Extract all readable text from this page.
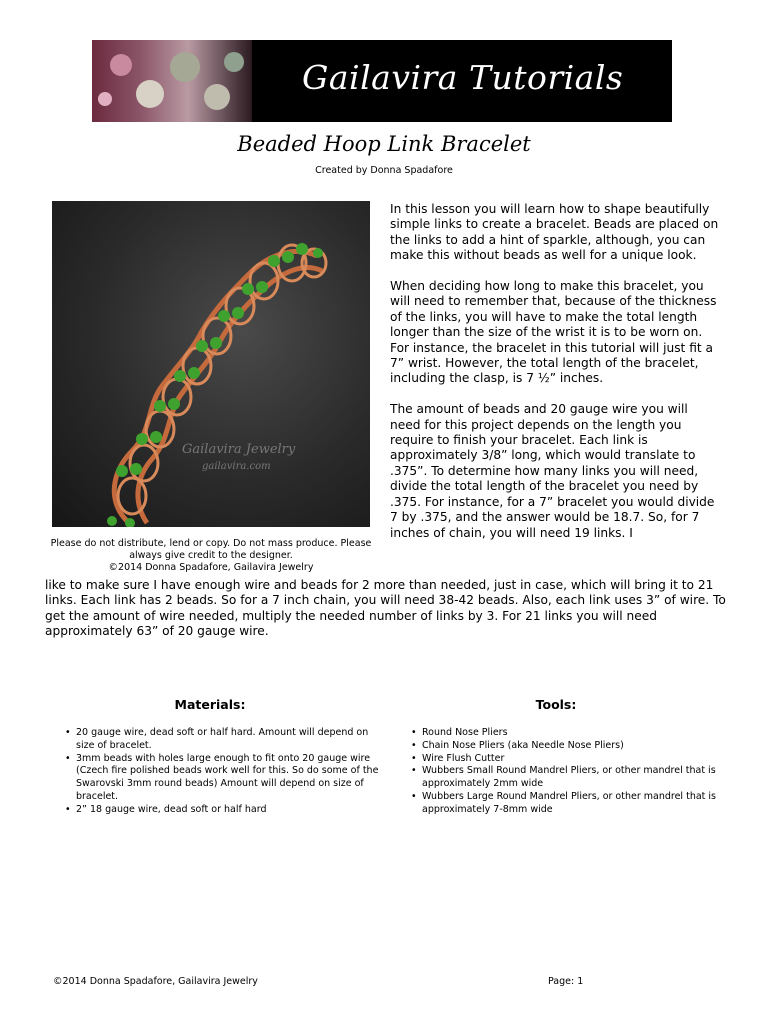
Gailavira Tutorials
Beaded Hoop Link Bracelet
Created by Donna Spadafore
Gailavira Jewelry
gailavira.com
Please do not distribute, lend or copy. Do not mass produce. Please
always give credit to the designer.
©2014 Donna Spadafore, Gailavira Jewelry

In this lesson you will learn how to shape beautifully simple links to create a bracelet. Beads are placed on the links to add a hint of sparkle, although, you can make this without beads as well for a unique look.

When deciding how long to make this bracelet, you will need to remember that, because of the thickness of the links, you will have to make the total length longer than the size of the wrist it is to be worn on. For instance, the bracelet in this tutorial will just fit a 7” wrist. However, the total length of the bracelet, including the clasp, is 7 ½” inches.

The amount of beads and 20 gauge wire you will need for this project depends on the length you require to finish your bracelet. Each link is approximately 3/8” long, which would translate to .375”. To determine how many links you will need, divide the total length of the bracelet you need by .375. For instance, for a 7” bracelet you would divide 7 by .375, and the answer would be 18.7. So, for 7 inches of chain, you will need 19 links. I

like to make sure I have enough wire and beads for 2 more than needed, just in case, which will bring it to 21 links. Each link has 2 beads. So for a 7 inch chain, you will need 38-42 beads. Also, each link uses 3” of wire. To get the amount of wire needed, multiply the needed number of links by 3. For 21 links you will need approximately 63” of 20 gauge wire.
Materials:
• 20 gauge wire, dead soft or half hard. Amount will depend on size of bracelet.
• 3mm beads with holes large enough to fit onto 20 gauge wire (Czech fire polished beads work well for this. So do some of the Swarovski 3mm round beads) Amount will depend on size of bracelet.
• 2” 18 gauge wire, dead soft or half hard
Tools:
• Round Nose Pliers
• Chain Nose Pliers (aka Needle Nose Pliers)
• Wire Flush Cutter
• Wubbers Small Round Mandrel Pliers, or other mandrel that is approximately 2mm wide
• Wubbers Large Round Mandrel Pliers, or other mandrel that is approximately 7-8mm wide
©2014 Donna Spadafore, Gailavira Jewelry	Page: 1
